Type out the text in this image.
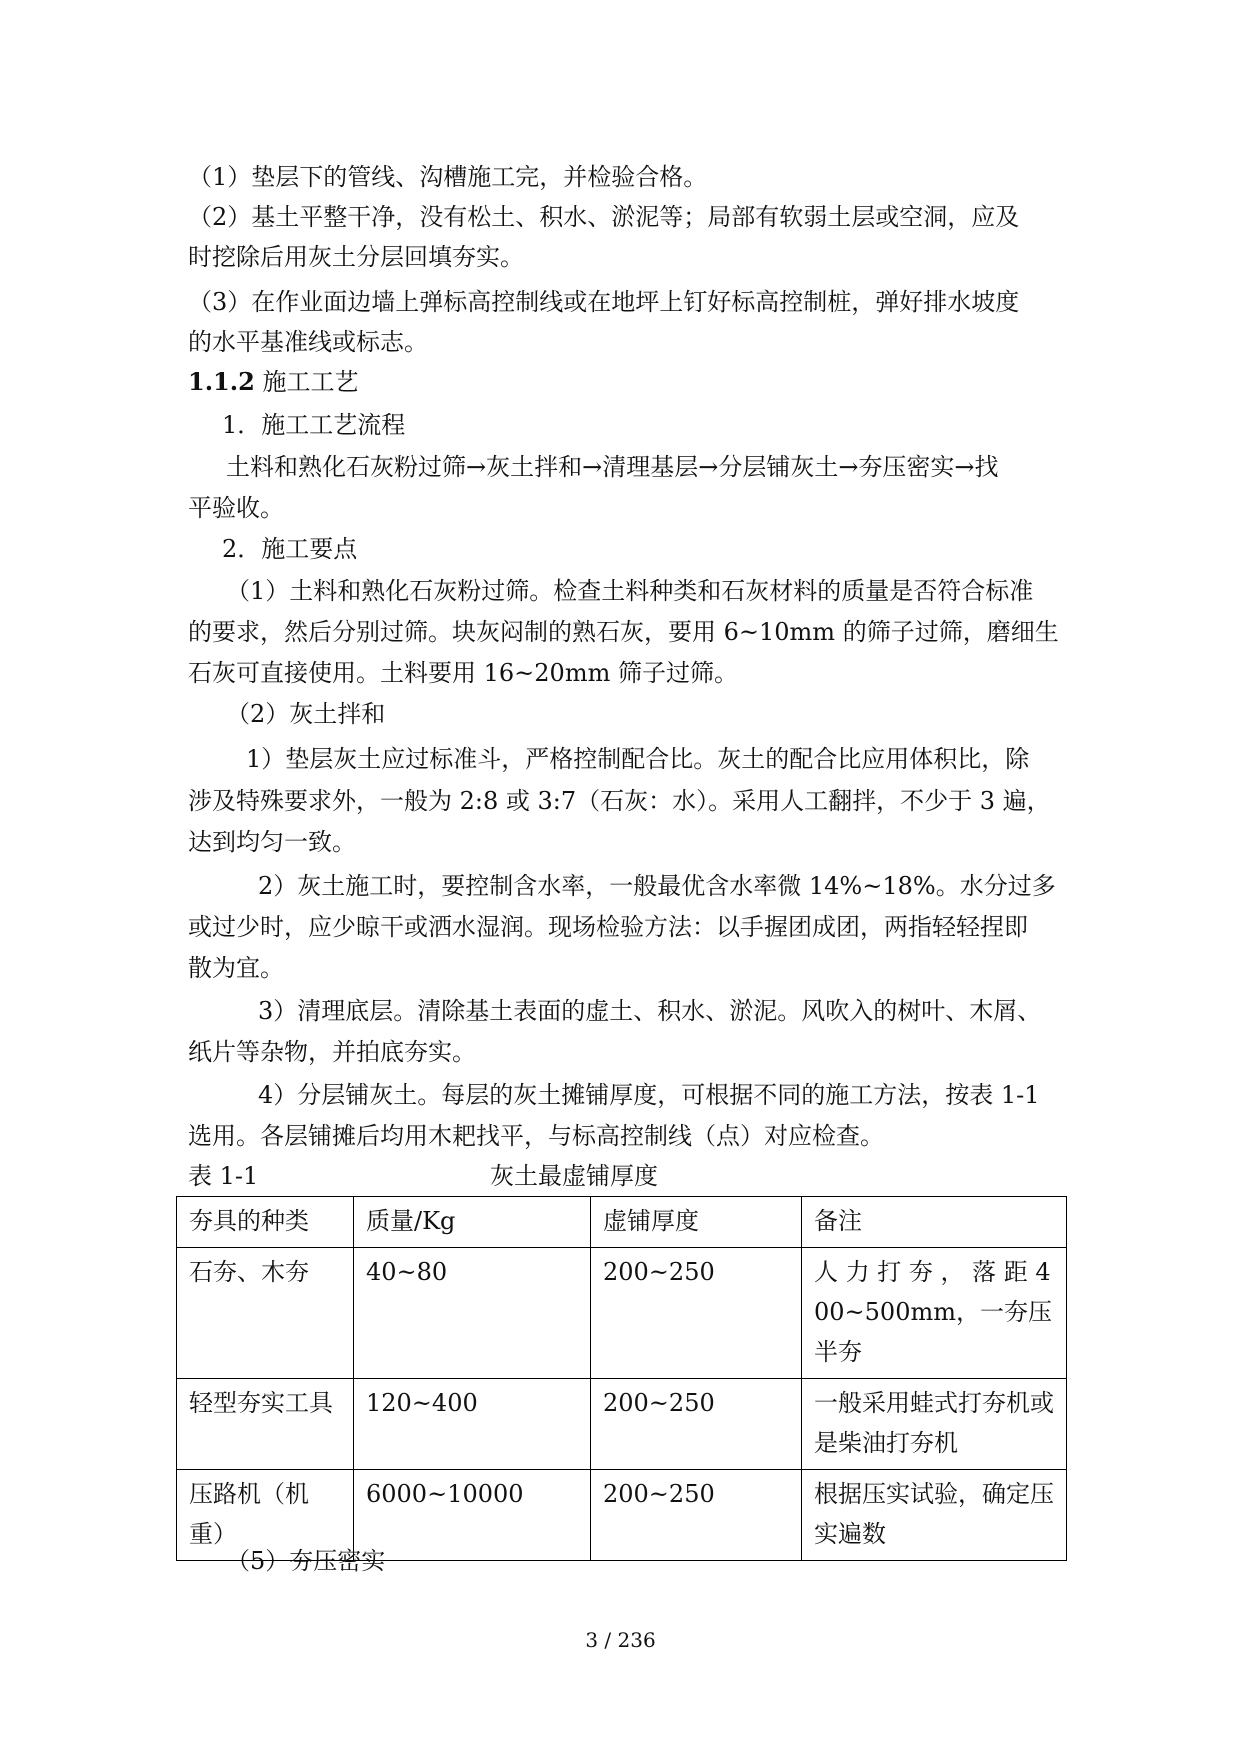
（1）垫层下的管线、沟槽施工完，并检验合格。
（2）基土平整干净，没有松土、积水、淤泥等；局部有软弱土层或空洞，应及
时挖除后用灰土分层回填夯实。
（3）在作业面边墙上弹标高控制线或在地坪上钉好标高控制桩，弹好排水坡度
的水平基准线或标志。
1.1.2 施工工艺
1．施工工艺流程
土料和熟化石灰粉过筛→灰土拌和→清理基层→分层铺灰土→夯压密实→找
平验收。
2．施工要点
（1）土料和熟化石灰粉过筛。检查土料种类和石灰材料的质量是否符合标准
的要求，然后分别过筛。块灰闷制的熟石灰，要用 6~10mm 的筛子过筛，磨细生
石灰可直接使用。土料要用 16~20mm 筛子过筛。
（2）灰土拌和
1）垫层灰土应过标准斗，严格控制配合比。灰土的配合比应用体积比，除
涉及特殊要求外，一般为 2:8 或 3:7（石灰：水）。采用人工翻拌，不少于 3 遍，
达到均匀一致。
2）灰土施工时，要控制含水率，一般最优含水率微 14%~18%。水分过多
或过少时，应少晾干或洒水湿润。现场检验方法：以手握团成团，两指轻轻捏即
散为宜。
3）清理底层。清除基土表面的虚土、积水、淤泥。风吹入的树叶、木屑、
纸片等杂物，并拍底夯实。
4）分层铺灰土。每层的灰土摊铺厚度，可根据不同的施工方法，按表 1-1
选用。各层铺摊后均用木耙找平，与标高控制线（点）对应检查。
表 1-1	灰土最虚铺厚度
夯具的种类	质量/Kg	虚铺厚度	备注
石夯、木夯	40~80	200~250	人 力 打 夯 ， 落 距 400~500mm，一夯压半夯
轻型夯实工具	120~400	200~250	一般采用蛙式打夯机或是柴油打夯机
压路机（机重）	6000~10000	200~250	根据压实试验，确定压实遍数
（5）夯压密实
3 / 236
